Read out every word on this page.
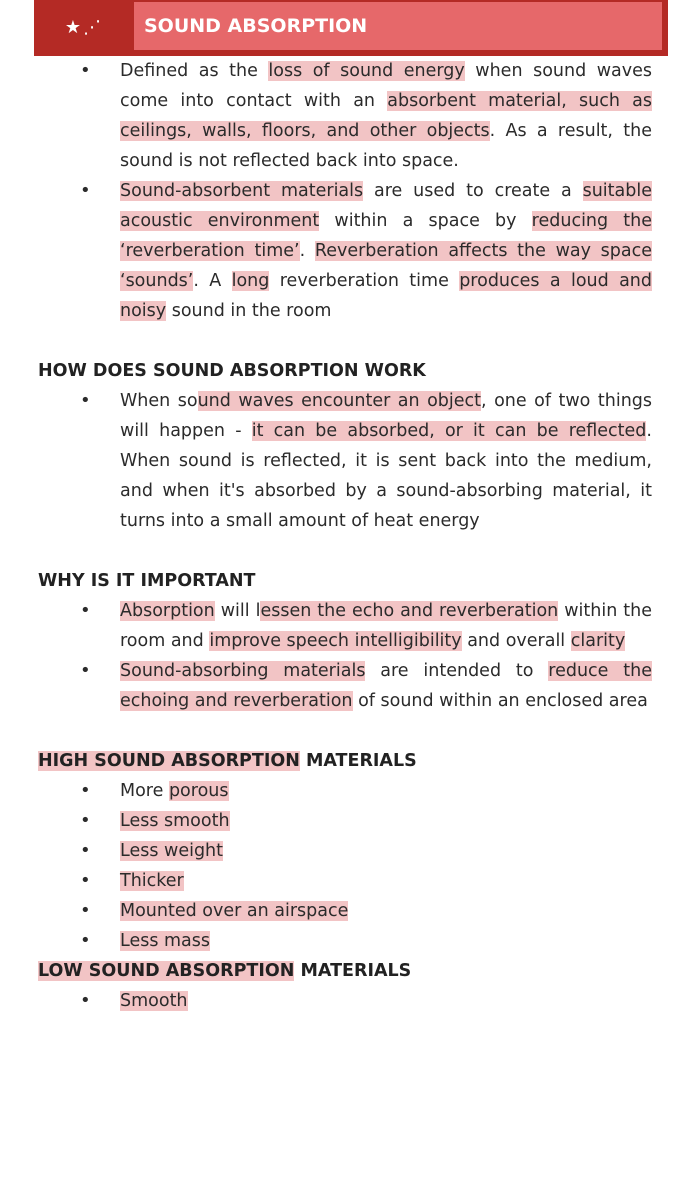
★⋰	SOUND ABSORPTION
• Defined as the loss of sound energy when sound waves come into contact with an absorbent material, such as ceilings, walls, floors, and other objects. As a result, the sound is not reflected back into space.
• Sound-absorbent materials are used to create a suitable acoustic environment within a space by reducing the ‘reverberation time’. Reverberation affects the way space ‘sounds’. A long reverberation time produces a loud and noisy sound in the room
HOW DOES SOUND ABSORPTION WORK
• When sound waves encounter an object, one of two things will happen - it can be absorbed, or it can be reflected. When sound is reflected, it is sent back into the medium, and when it's absorbed by a sound-absorbing material, it turns into a small amount of heat energy
WHY IS IT IMPORTANT
• Absorption will lessen the echo and reverberation within the room and improve speech intelligibility and overall clarity
• Sound-absorbing materials are intended to reduce the echoing and reverberation of sound within an enclosed area
HIGH SOUND ABSORPTION MATERIALS
• More porous
• Less smooth
• Less weight
• Thicker
• Mounted over an airspace
• Less mass
LOW SOUND ABSORPTION MATERIALS
• Smooth
